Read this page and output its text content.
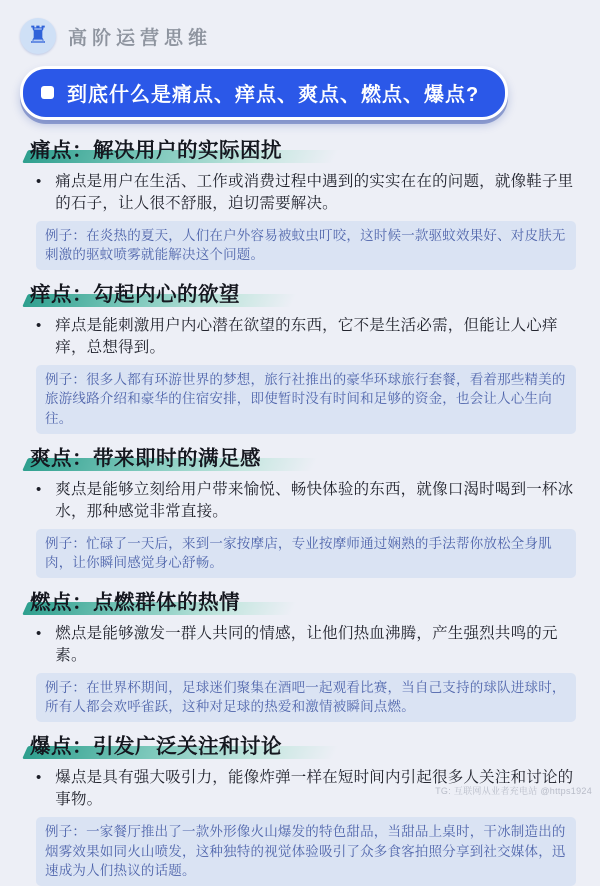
♜ 高阶运营思维
到底什么是痛点、痒点、爽点、燃点、爆点?
痛点：解决用户的实际困扰
• 痛点是用户在生活、工作或消费过程中遇到的实实在在的问题，就像鞋子里的石子，让人很不舒服，迫切需要解决。

例子：在炎热的夏天，人们在户外容易被蚊虫叮咬，这时候一款驱蚊效果好、对皮肤无刺激的驱蚊喷雾就能解决这个问题。
痒点：勾起内心的欲望
• 痒点是能刺激用户内心潜在欲望的东西，它不是生活必需，但能让人心痒痒，总想得到。

例子：很多人都有环游世界的梦想，旅行社推出的豪华环球旅行套餐，看着那些精美的旅游线路介绍和豪华的住宿安排，即使暂时没有时间和足够的资金，也会让人心生向往。
爽点：带来即时的满足感
• 爽点是能够立刻给用户带来愉悦、畅快体验的东西，就像口渴时喝到一杯冰水，那种感觉非常直接。

例子：忙碌了一天后，来到一家按摩店，专业按摩师通过娴熟的手法帮你放松全身肌肉，让你瞬间感觉身心舒畅。
燃点：点燃群体的热情
• 燃点是能够激发一群人共同的情感，让他们热血沸腾，产生强烈共鸣的元素。

例子：在世界杯期间，足球迷们聚集在酒吧一起观看比赛，当自己支持的球队进球时，所有人都会欢呼雀跃，这种对足球的热爱和激情被瞬间点燃。
爆点：引发广泛关注和讨论
• 爆点是具有强大吸引力，能像炸弹一样在短时间内引起很多人关注和讨论的事物。

例子：一家餐厅推出了一款外形像火山爆发的特色甜品，当甜品上桌时，干冰制造出的烟雾效果如同火山喷发，这种独特的视觉体验吸引了众多食客拍照分享到社交媒体，迅速成为人们热议的话题。
TG: 互联网从业者充电站 @https1924
